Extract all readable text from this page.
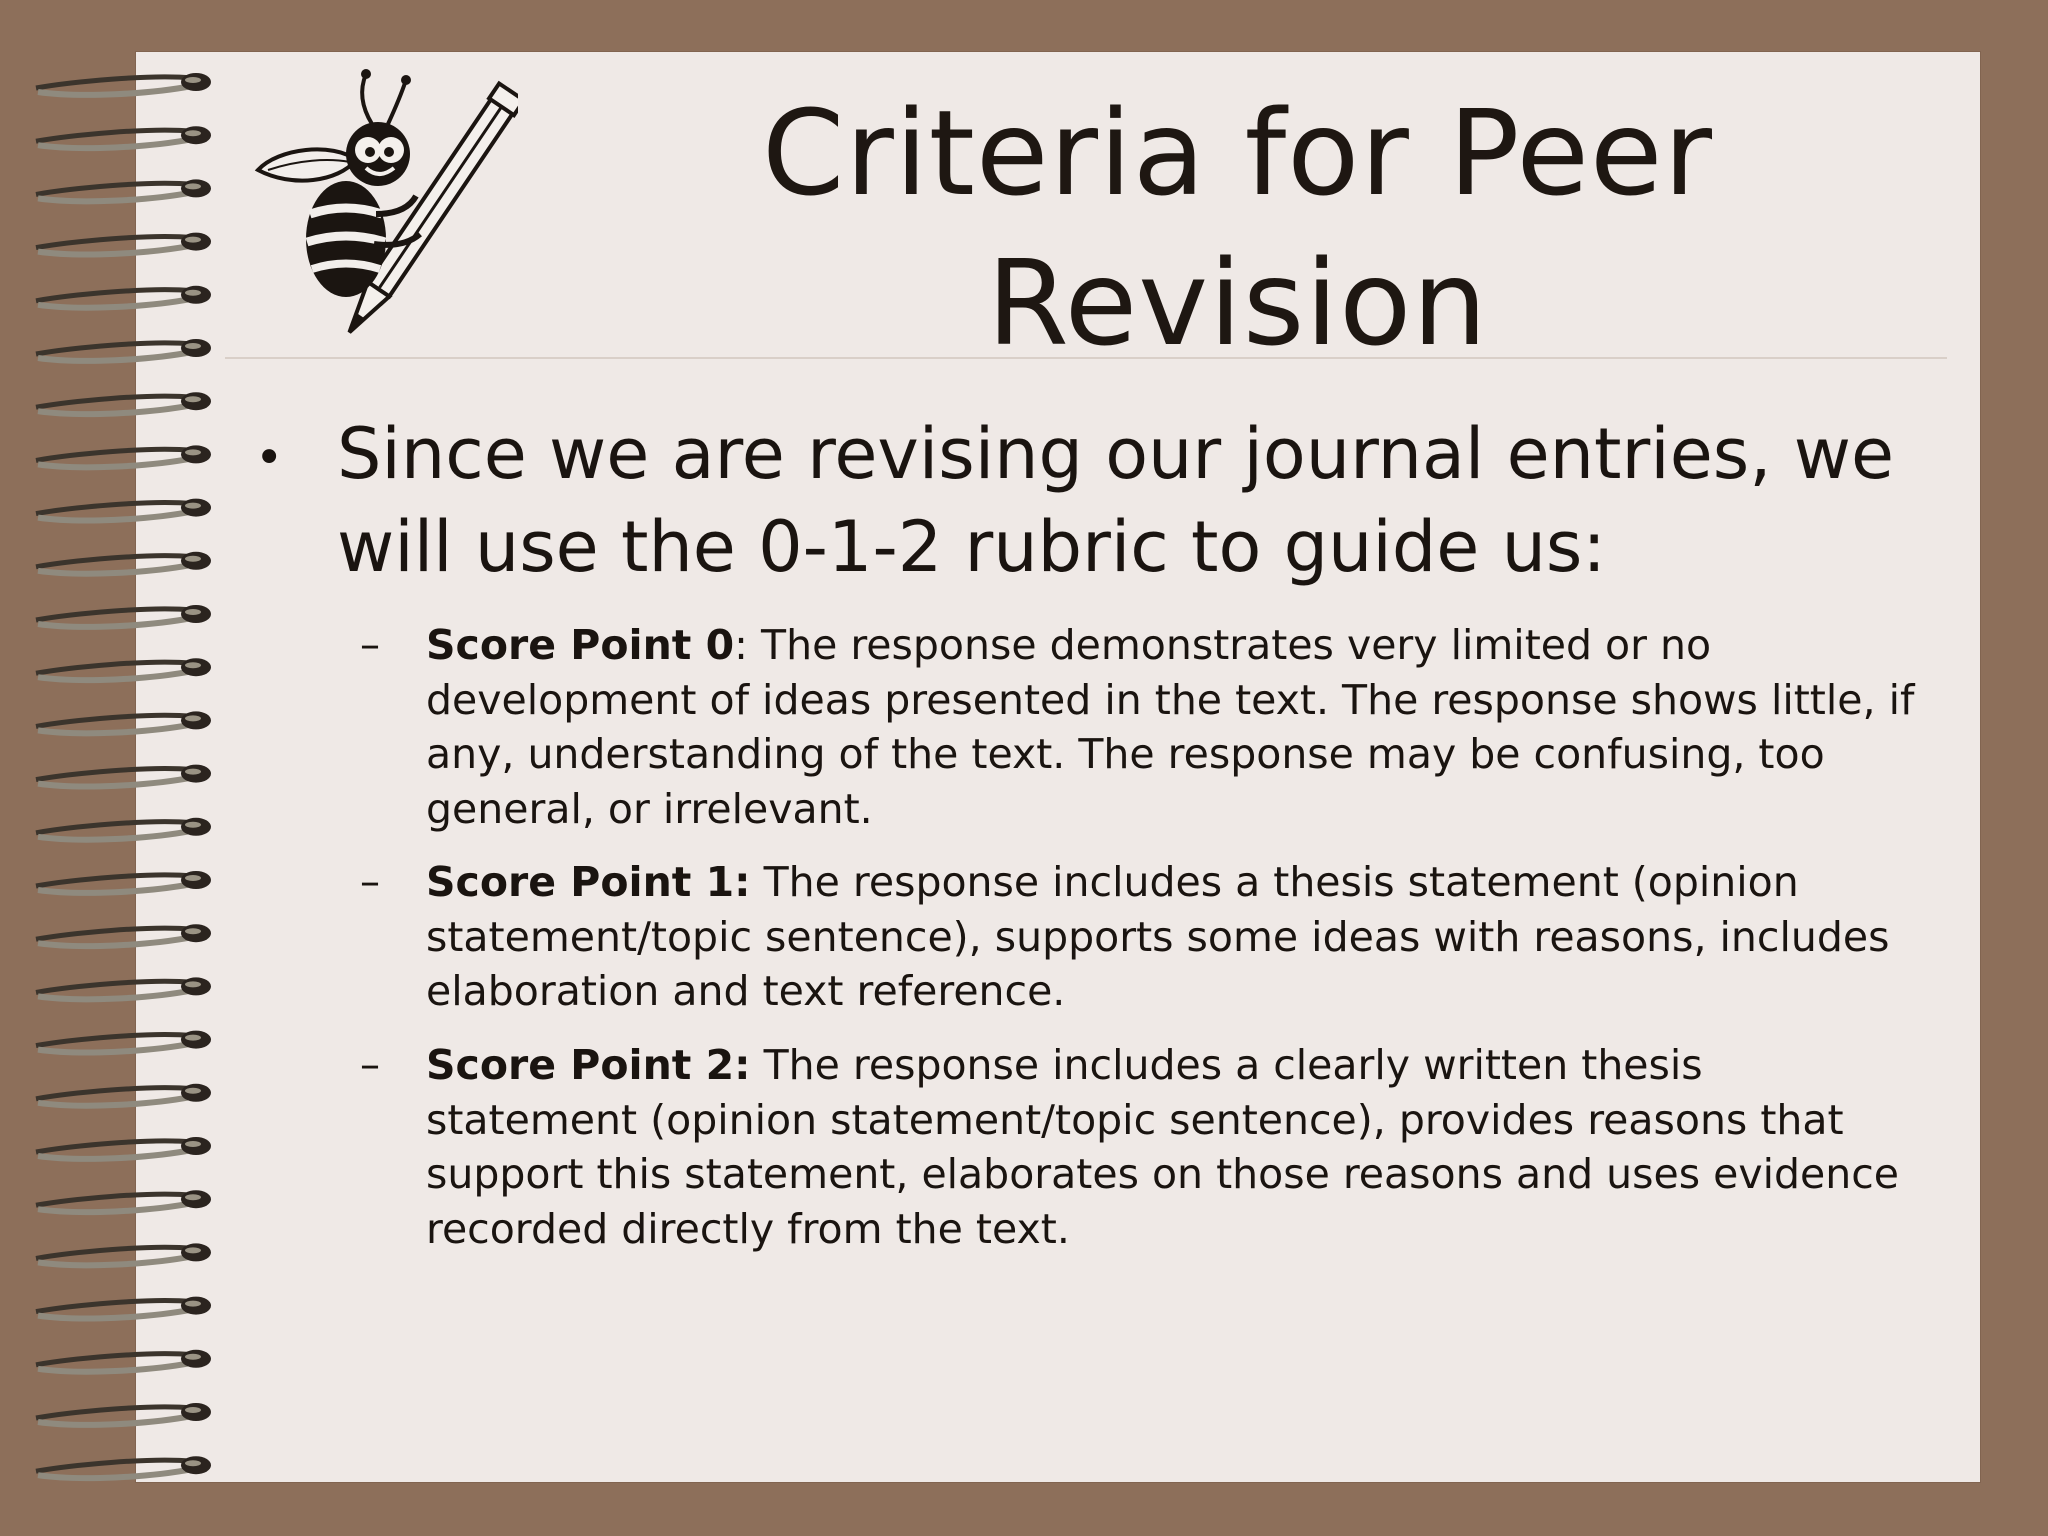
Criteria for Peer
Revision
• Since we are revising our journal entries, we will use the 0-1-2 rubric to guide us:

– Score Point 0: The response demonstrates very limited or no development of ideas presented in the text. The response shows little, if any, understanding of the text. The response may be confusing, too general, or irrelevant.

– Score Point 1: The response includes a thesis statement (opinion statement/topic sentence), supports some ideas with reasons, includes elaboration and text reference.

– Score Point 2: The response includes a clearly written thesis statement (opinion statement/topic sentence), provides reasons that support this statement, elaborates on those reasons and uses evidence recorded directly from the text.
